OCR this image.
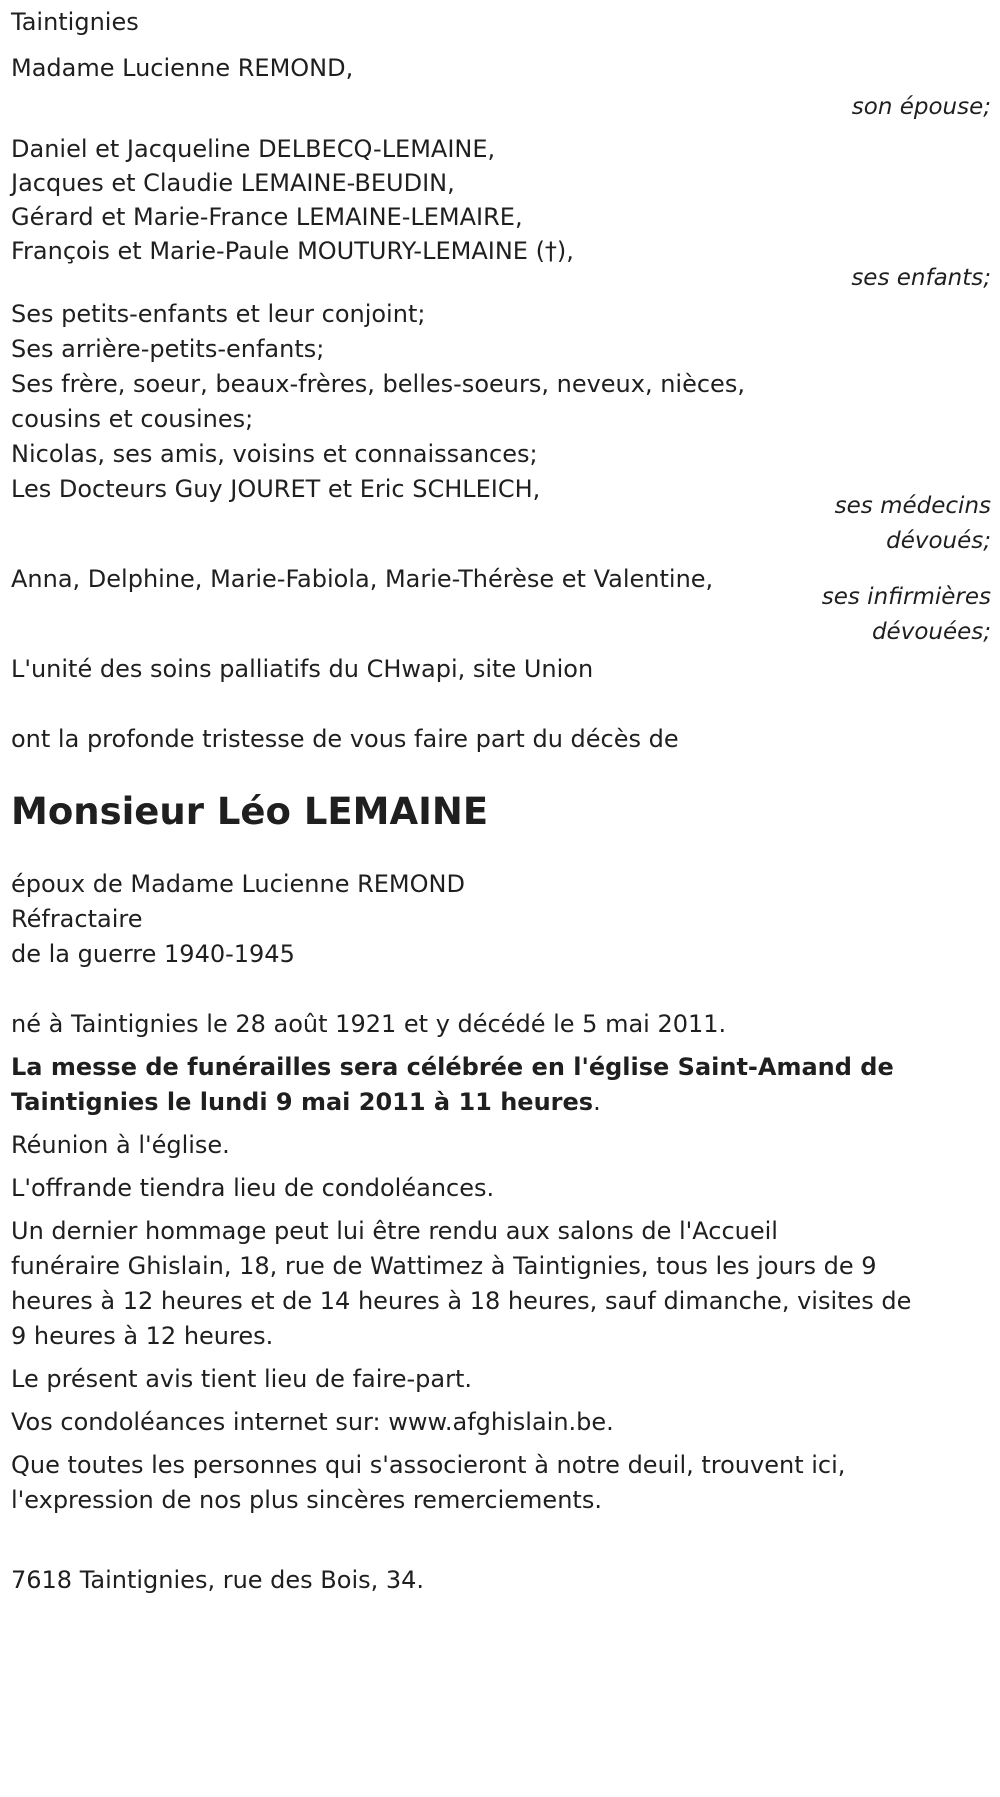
Taintignies
Madame Lucienne REMOND,
son épouse;
Daniel et Jacqueline DELBECQ-LEMAINE,
Jacques et Claudie LEMAINE-BEUDIN,
Gérard et Marie-France LEMAINE-LEMAIRE,
François et Marie-Paule MOUTURY-LEMAINE (†),
ses enfants;
Ses petits-enfants et leur conjoint;
Ses arrière-petits-enfants;
Ses frère, soeur, beaux-frères, belles-soeurs, neveux, nièces,
cousins et cousines;
Nicolas, ses amis, voisins et connaissances;
Les Docteurs Guy JOURET et Eric SCHLEICH,
ses médecins
dévoués;
Anna, Delphine, Marie-Fabiola, Marie-Thérèse et Valentine,
ses infirmières
dévouées;
L'unité des soins palliatifs du CHwapi, site Union
ont la profonde tristesse de vous faire part du décès de
Monsieur Léo LEMAINE
époux de Madame Lucienne REMOND
Réfractaire
de la guerre 1940-1945
né à Taintignies le 28 août 1921 et y décédé le 5 mai 2011.
La messe de funérailles sera célébrée en l'église Saint-Amand de
Taintignies le lundi 9 mai 2011 à 11 heures.
Réunion à l'église.
L'offrande tiendra lieu de condoléances.
Un dernier hommage peut lui être rendu aux salons de l'Accueil
funéraire Ghislain, 18, rue de Wattimez à Taintignies, tous les jours de 9
heures à 12 heures et de 14 heures à 18 heures, sauf dimanche, visites de
9 heures à 12 heures.
Le présent avis tient lieu de faire-part.
Vos condoléances internet sur: www.afghislain.be.
Que toutes les personnes qui s'associeront à notre deuil, trouvent ici,
l'expression de nos plus sincères remerciements.
7618 Taintignies, rue des Bois, 34.
